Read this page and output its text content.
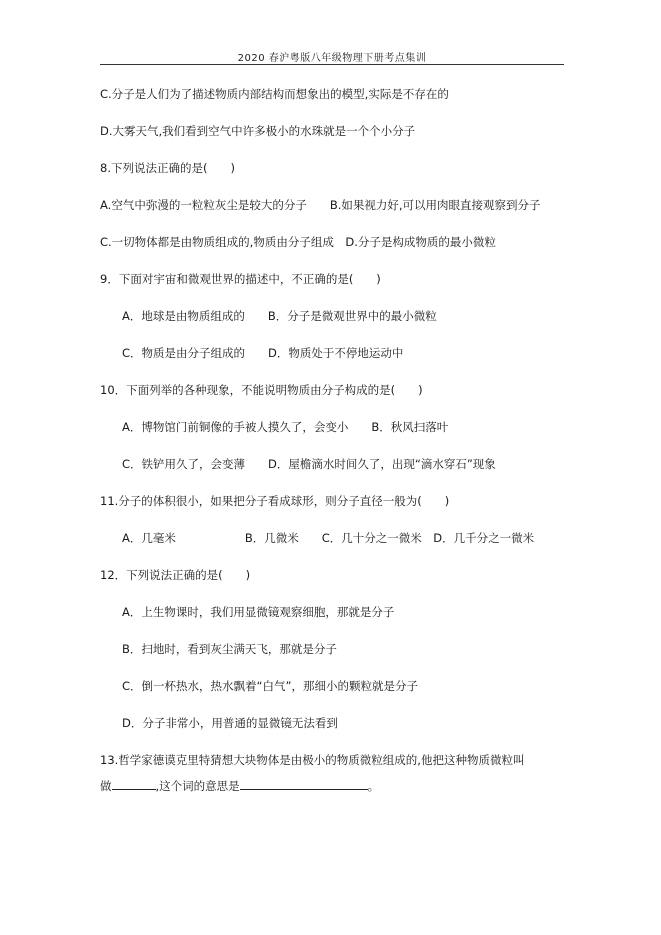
2020 春沪粤版八年级物理下册考点集训
C.分子是人们为了描述物质内部结构而想象出的模型,实际是不存在的
D.大雾天气,我们看到空气中许多极小的水珠就是一个个小分子
8.下列说法正确的是(　　)
A.空气中弥漫的一粒粒灰尘是较大的分子　　B.如果视力好,可以用肉眼直接观察到分子
C.一切物体都是由物质组成的,物质由分子组成　D.分子是构成物质的最小微粒
9．下面对宇宙和微观世界的描述中，不正确的是(　　)
A．地球是由物质组成的　　B．分子是微观世界中的最小微粒
C．物质是由分子组成的　　D．物质处于不停地运动中
10．下面列举的各种现象，不能说明物质由分子构成的是(　　)
A．博物馆门前铜像的手被人摸久了，会变小　　B．秋风扫落叶
C．铁铲用久了，会变薄　　D．屋檐滴水时间久了，出现“滴水穿石”现象
11.分子的体积很小，如果把分子看成球形，则分子直径一般为(　　)
A．几毫米　　　　　　B．几微米　　C．几十分之一微米　D．几千分之一微米
12．下列说法正确的是(　　)
A．上生物课时，我们用显微镜观察细胞，那就是分子
B．扫地时，看到灰尘满天飞，那就是分子
C．倒一杯热水，热水飘着“白气”，那细小的颗粒就是分子
D．分子非常小，用普通的显微镜无法看到
13.哲学家德谟克里特猜想大块物体是由极小的物质微粒组成的,他把这种物质微粒叫
做	,这个词的意思是	。
